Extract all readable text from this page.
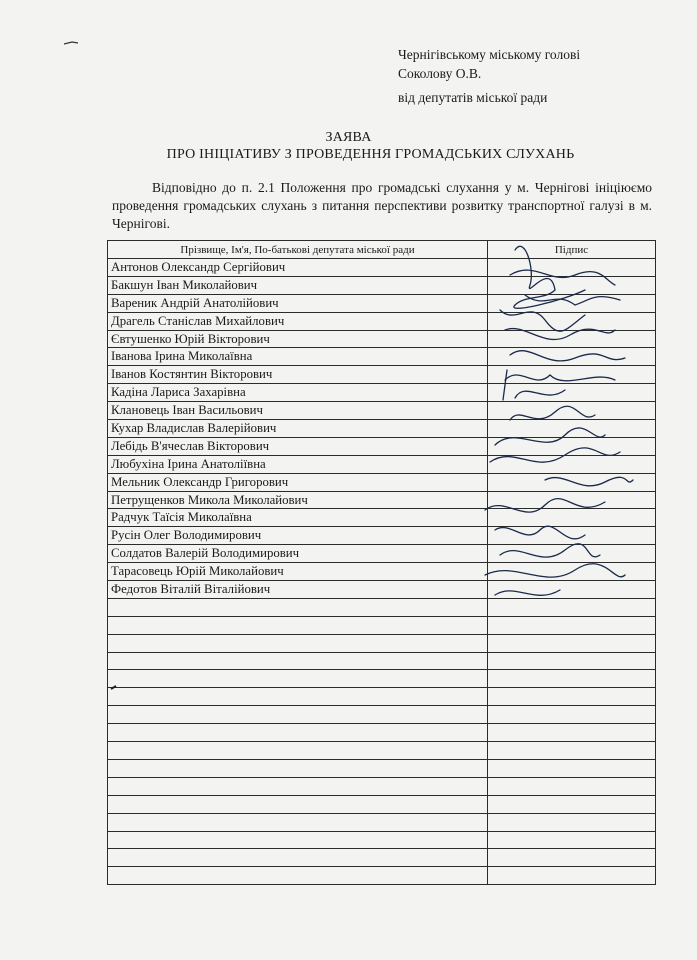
Чернігівському міському голові
Соколову О.В.
від депутатів міської ради
ЗАЯВА
ПРО ІНІЦІАТИВУ З ПРОВЕДЕННЯ ГРОМАДСЬКИХ СЛУХАНЬ

Відповідно до п. 2.1 Положення про громадські слухання у м. Чернігові ініціюємо проведення громадських слухань з питання перспективи розвитку транспортної галузі в м. Чернігові.

Прізвище, Ім'я, По-батькові депутата міської ради	Підпис
Антонов Олександр Сергійович	
Бакшун Іван Миколайович	
Вареник Андрій Анатолійович	
Драгель Станіслав Михайлович	
Євтушенко Юрій Вікторович	
Іванова Ірина Миколаївна	
Іванов Костянтин Вікторович	
Кадіна Лариса Захарівна	
Клановець Іван Васильович	
Кухар Владислав Валерійович	
Лебідь В'ячеслав Вікторович	
Любухіна Ірина Анатоліївна	
Мельник Олександр Григорович	
Петрущенков Микола Миколайович	
Радчук Таїсія Миколаївна	
Русін Олег Володимирович	
Солдатов Валерій Володимирович	
Тарасовець Юрій Миколайович	
Федотов Віталій Віталійович	
